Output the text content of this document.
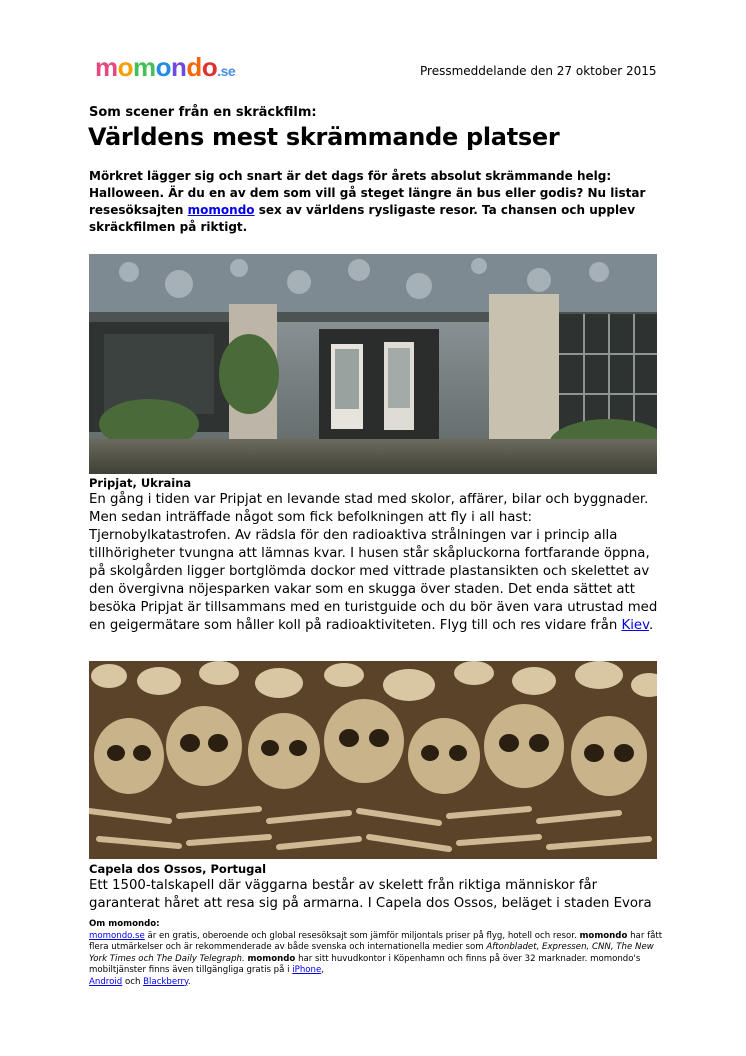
momondo.se	Pressmeddelande den 27 oktober 2015
Som scener från en skräckfilm:
Världens mest skrämmande platser
Mörkret lägger sig och snart är det dags för årets absolut skrämmande helg: Halloween. Är du en av dem som vill gå steget längre än bus eller godis? Nu listar resesöksajten momondo sex av världens rysligaste resor. Ta chansen och upplev skräckfilmen på riktigt.
Pripjat, Ukraina
En gång i tiden var Pripjat en levande stad med skolor, affärer, bilar och byggnader. Men sedan inträffade något som fick befolkningen att fly i all hast: Tjernobylkatastrofen. Av rädsla för den radioaktiva strålningen var i princip alla tillhörigheter tvungna att lämnas kvar. I husen står skåpluckorna fortfarande öppna, på skolgården ligger bortglömda dockor med vittrade plastansikten och skelettet av den övergivna nöjesparken vakar som en skugga över staden. Det enda sättet att besöka Pripjat är tillsammans med en turistguide och du bör även vara utrustad med en geigermätare som håller koll på radioaktiviteten. Flyg till och res vidare från Kiev.
Capela dos Ossos, Portugal
Ett 1500-talskapell där väggarna består av skelett från riktiga människor får garanterat håret att resa sig på armarna. I Capela dos Ossos, beläget i staden Evora
Om momondo:
momondo.se är en gratis, oberoende och global resesöksajt som jämför miljontals priser på flyg, hotell och resor. momondo har fått flera utmärkelser och är rekommenderade av både svenska och internationella medier som Aftonbladet, Expressen, CNN, The New York Times och The Daily Telegraph. momondo har sitt huvudkontor i Köpenhamn och finns på över 32 marknader. momondo's mobiltjänster finns även tillgängliga gratis på i iPhone,
Android och Blackberry.
